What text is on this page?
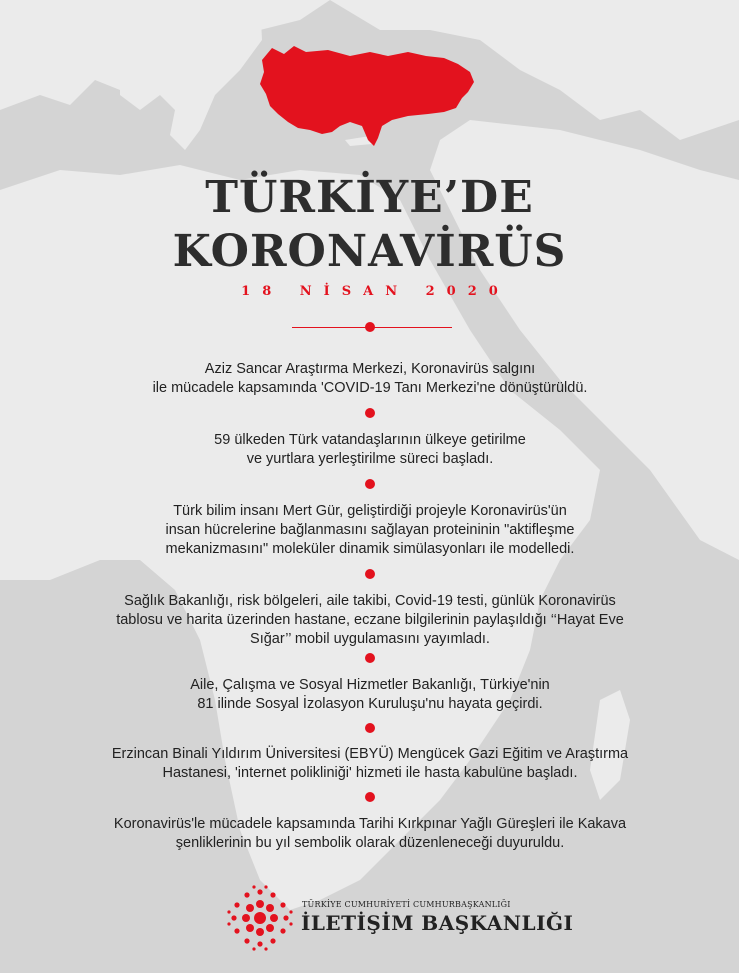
TÜRKİYE’DE
KORONAVİRÜS
18 NİSAN 2020
Aziz Sancar Araştırma Merkezi, Koronavirüs salgını
ile mücadele kapsamında 'COVID-19 Tanı Merkezi'ne dönüştürüldü.
59 ülkeden Türk vatandaşlarının ülkeye getirilme
ve yurtlara yerleştirilme süreci başladı.
Türk bilim insanı Mert Gür, geliştirdiği projeyle Koronavirüs'ün
insan hücrelerine bağlanmasını sağlayan proteininin "aktifleşme
mekanizmasını" moleküler dinamik simülasyonları ile modelledi.
Sağlık Bakanlığı, risk bölgeleri, aile takibi, Covid-19 testi, günlük Koronavirüs
tablosu ve harita üzerinden hastane, eczane bilgilerinin paylaşıldığı ‘‘Hayat Eve
Sığar’’ mobil uygulamasını yayımladı.
Aile, Çalışma ve Sosyal Hizmetler Bakanlığı, Türkiye'nin
81 ilinde Sosyal İzolasyon Kuruluşu'nu hayata geçirdi.
Erzincan Binali Yıldırım Üniversitesi (EBYÜ) Mengücek Gazi Eğitim ve Araştırma
Hastanesi, 'internet polikliniği' hizmeti ile hasta kabulüne başladı.
Koronavirüs'le mücadele kapsamında Tarihi Kırkpınar Yağlı Güreşleri ile Kakava
şenliklerinin bu yıl sembolik olarak düzenleneceği duyuruldu.
TÜRKİYE CUMHURİYETİ CUMHURBAŞKANLIĞI
İLETİŞİM BAŞKANLIĞI
